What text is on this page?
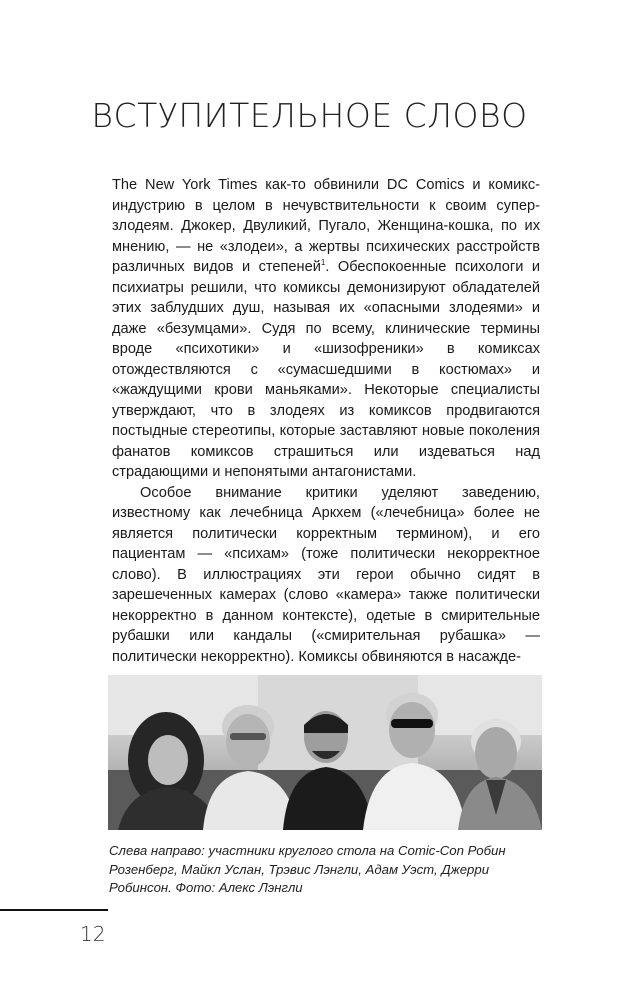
ВСТУПИТЕЛЬНОЕ СЛОВО

The New York Times как-то обвинили DC Comics и комикс-индустрию в целом в нечувствительности к своим супер-злодеям. Джокер, Двуликий, Пугало, Женщина-кошка, по их мнению, — не «злодеи», а жертвы психических расстройств различных видов и степеней$^1$. Обеспокоенные психологи и психиатры решили, что комиксы демонизируют обладателей этих заблудших душ, называя их «опасными злодеями» и даже «безумцами». Судя по всему, клинические термины вроде «психотики» и «шизофреники» в комиксах отождествляются с «сумасшедшими в костюмах» и «жаждущими крови маньяками». Некоторые специалисты утверждают, что в злодеях из комиксов продвигаются постыдные стереотипы, которые заставляют новые поколения фанатов комиксов страшиться или издеваться над страдающими и непонятыми антагонистами.

Особое внимание критики уделяют заведению, известному как лечебница Аркхем («лечебница» более не является политически корректным термином), и его пациентам — «психам» (тоже политически некорректное слово). В иллюстрациях эти герои обычно сидят в зарешеченных камерах (слово «камера» также политически некорректно в данном контексте), одетые в смирительные рубашки или кандалы («смирительная рубашка» — политически некорректно). Комиксы обвиняются в насажде-

Слева направо: участники круглого стола на Comic-Con Робин Розенберг, Майкл Услан, Трэвис Лэнгли, Адам Уэст, Джерри Робинсон. Фото: Алекс Лэнгли
12
